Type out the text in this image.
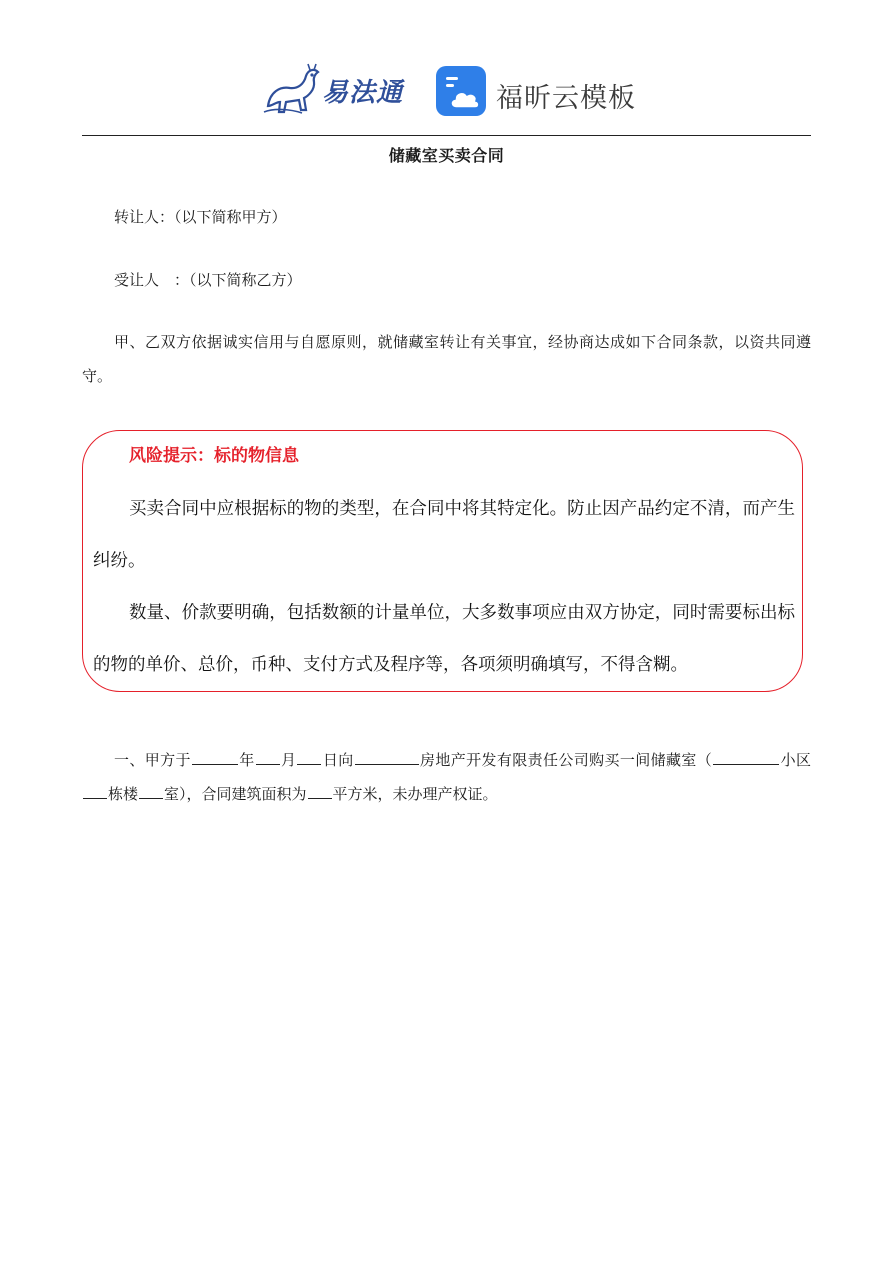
易法通	福昕云模板
储藏室买卖合同
转让人：（以下简称甲方）
受让人　：（以下简称乙方）
甲、乙双方依据诚实信用与自愿原则，就储藏室转让有关事宜，经协商达成如下合同条款，以资共同遵守。
风险提示：标的物信息
买卖合同中应根据标的物的类型，在合同中将其特定化。防止因产品约定不清，而产生纠纷。
数量、价款要明确，包括数额的计量单位，大多数事项应由双方协定，同时需要标出标的物的单价、总价，币种、支付方式及程序等，各项须明确填写，不得含糊。
一、甲方于	年 月 日向	房地产开发有限责任公司购买一间储藏室（	小区栋楼 室），合同建筑面积为 平方米，未办理产权证。
